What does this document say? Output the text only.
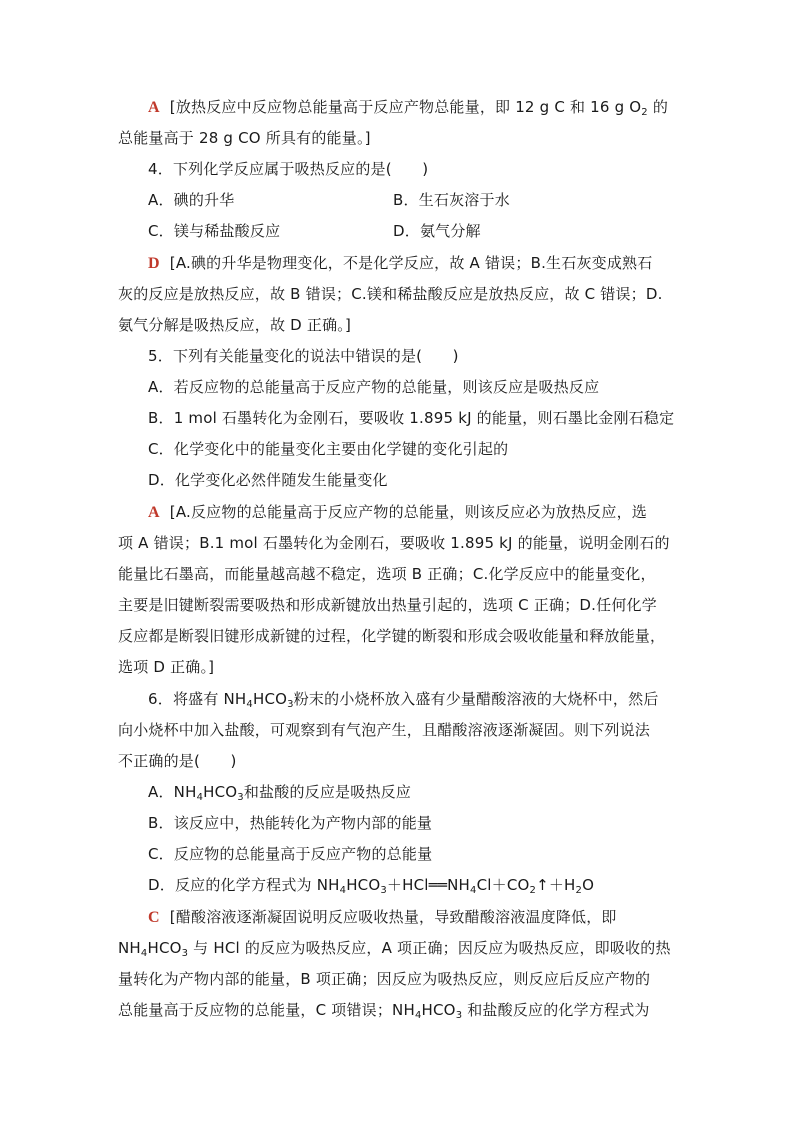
A [放热反应中反应物总能量高于反应产物总能量，即 12 g C 和 16 g $O_2$ 的
总能量高于 28 g CO 所具有的能量。]
4．下列化学反应属于吸热反应的是(　　)
A．碘的升华	B．生石灰溶于水
C．镁与稀盐酸反应	D．氨气分解
D [A.碘的升华是物理变化，不是化学反应，故 A 错误；B.生石灰变成熟石
灰的反应是放热反应，故 B 错误；C.镁和稀盐酸反应是放热反应，故 C 错误；D.
氨气分解是吸热反应，故 D 正确。]
5．下列有关能量变化的说法中错误的是(　　)
A．若反应物的总能量高于反应产物的总能量，则该反应是吸热反应
B．1 mol 石墨转化为金刚石，要吸收 1.895 kJ 的能量，则石墨比金刚石稳定
C．化学变化中的能量变化主要由化学键的变化引起的
D．化学变化必然伴随发生能量变化
A [A.反应物的总能量高于反应产物的总能量，则该反应必为放热反应，选
项 A 错误；B.1 mol 石墨转化为金刚石，要吸收 1.895 kJ 的能量，说明金刚石的
能量比石墨高，而能量越高越不稳定，选项 B 正确；C.化学反应中的能量变化，
主要是旧键断裂需要吸热和形成新键放出热量引起的，选项 C 正确；D.任何化学
反应都是断裂旧键形成新键的过程，化学键的断裂和形成会吸收能量和释放能量，
选项 D 正确。]
6．将盛有 $NH_4HCO_3$粉末的小烧杯放入盛有少量醋酸溶液的大烧杯中，然后
向小烧杯中加入盐酸，可观察到有气泡产生，且醋酸溶液逐渐凝固。则下列说法
不正确的是(　　)
A．$NH_4HCO_3$和盐酸的反应是吸热反应
B．该反应中，热能转化为产物内部的能量
C．反应物的总能量高于反应产物的总能量
D．反应的化学方程式为 $NH_4HCO_3+HCl══NH_4Cl+CO_2↑+H_2O$
C [醋酸溶液逐渐凝固说明反应吸收热量，导致醋酸溶液温度降低，即
$NH_4HCO_3$ 与 HCl 的反应为吸热反应，A 项正确；因反应为吸热反应，即吸收的热
量转化为产物内部的能量，B 项正确；因反应为吸热反应，则反应后反应产物的
总能量高于反应物的总能量，C 项错误；$NH_4HCO_3$ 和盐酸反应的化学方程式为
